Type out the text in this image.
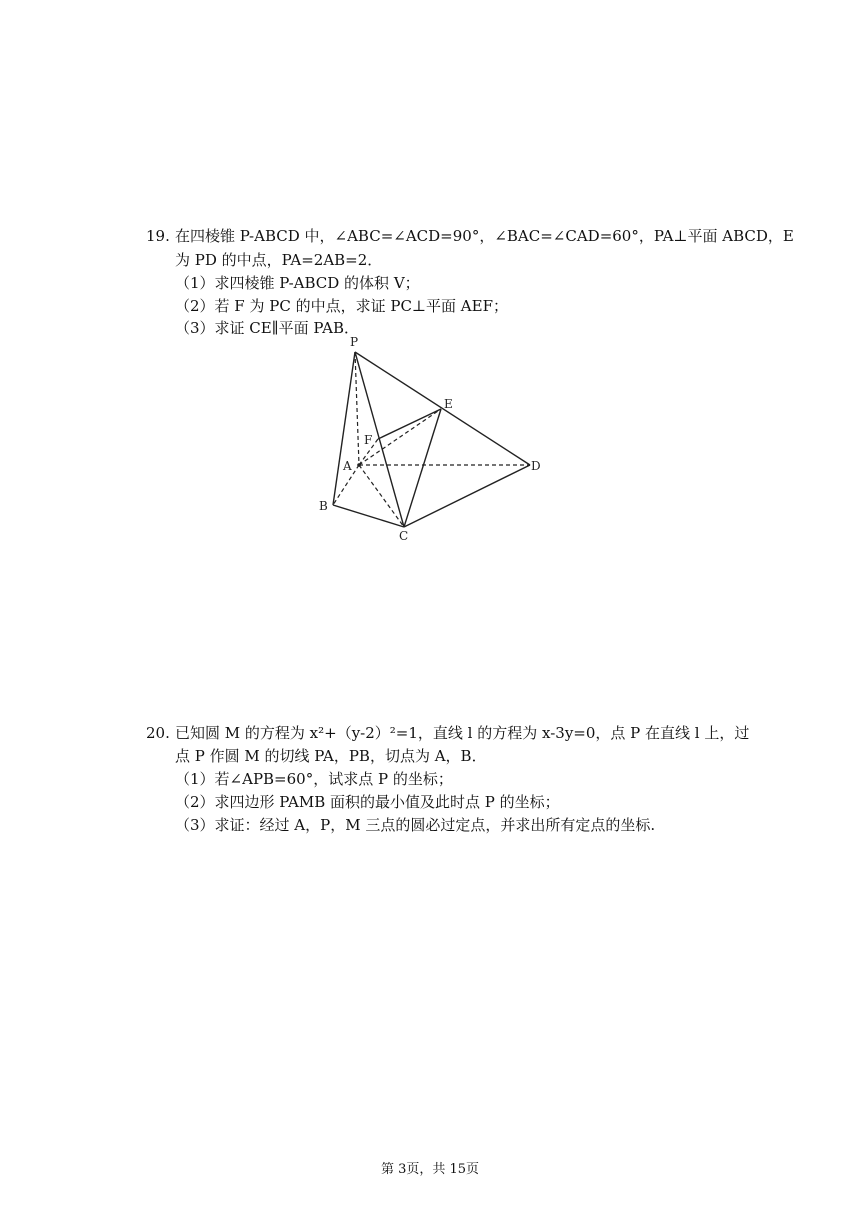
19. 在四棱锥 P-ABCD 中，∠ABC=∠ACD=90°，∠BAC=∠CAD=60°，PA⊥平面 ABCD，E
为 PD 的中点，PA=2AB=2．
（1）求四棱锥 P-ABCD 的体积 V；
（2）若 F 为 PC 的中点，求证 PC⊥平面 AEF；
（3）求证 CE∥平面 PAB．
P
E
F
A	D
B
C
20. 已知圆 M 的方程为 x²+（y-2）²=1，直线 l 的方程为 x-3y=0，点 P 在直线 l 上，过
点 P 作圆 M 的切线 PA，PB，切点为 A，B．
（1）若∠APB=60°，试求点 P 的坐标；
（2）求四边形 PAMB 面积的最小值及此时点 P 的坐标；
（3）求证：经过 A，P，M 三点的圆必过定点，并求出所有定点的坐标.
第 3页，共 15页
